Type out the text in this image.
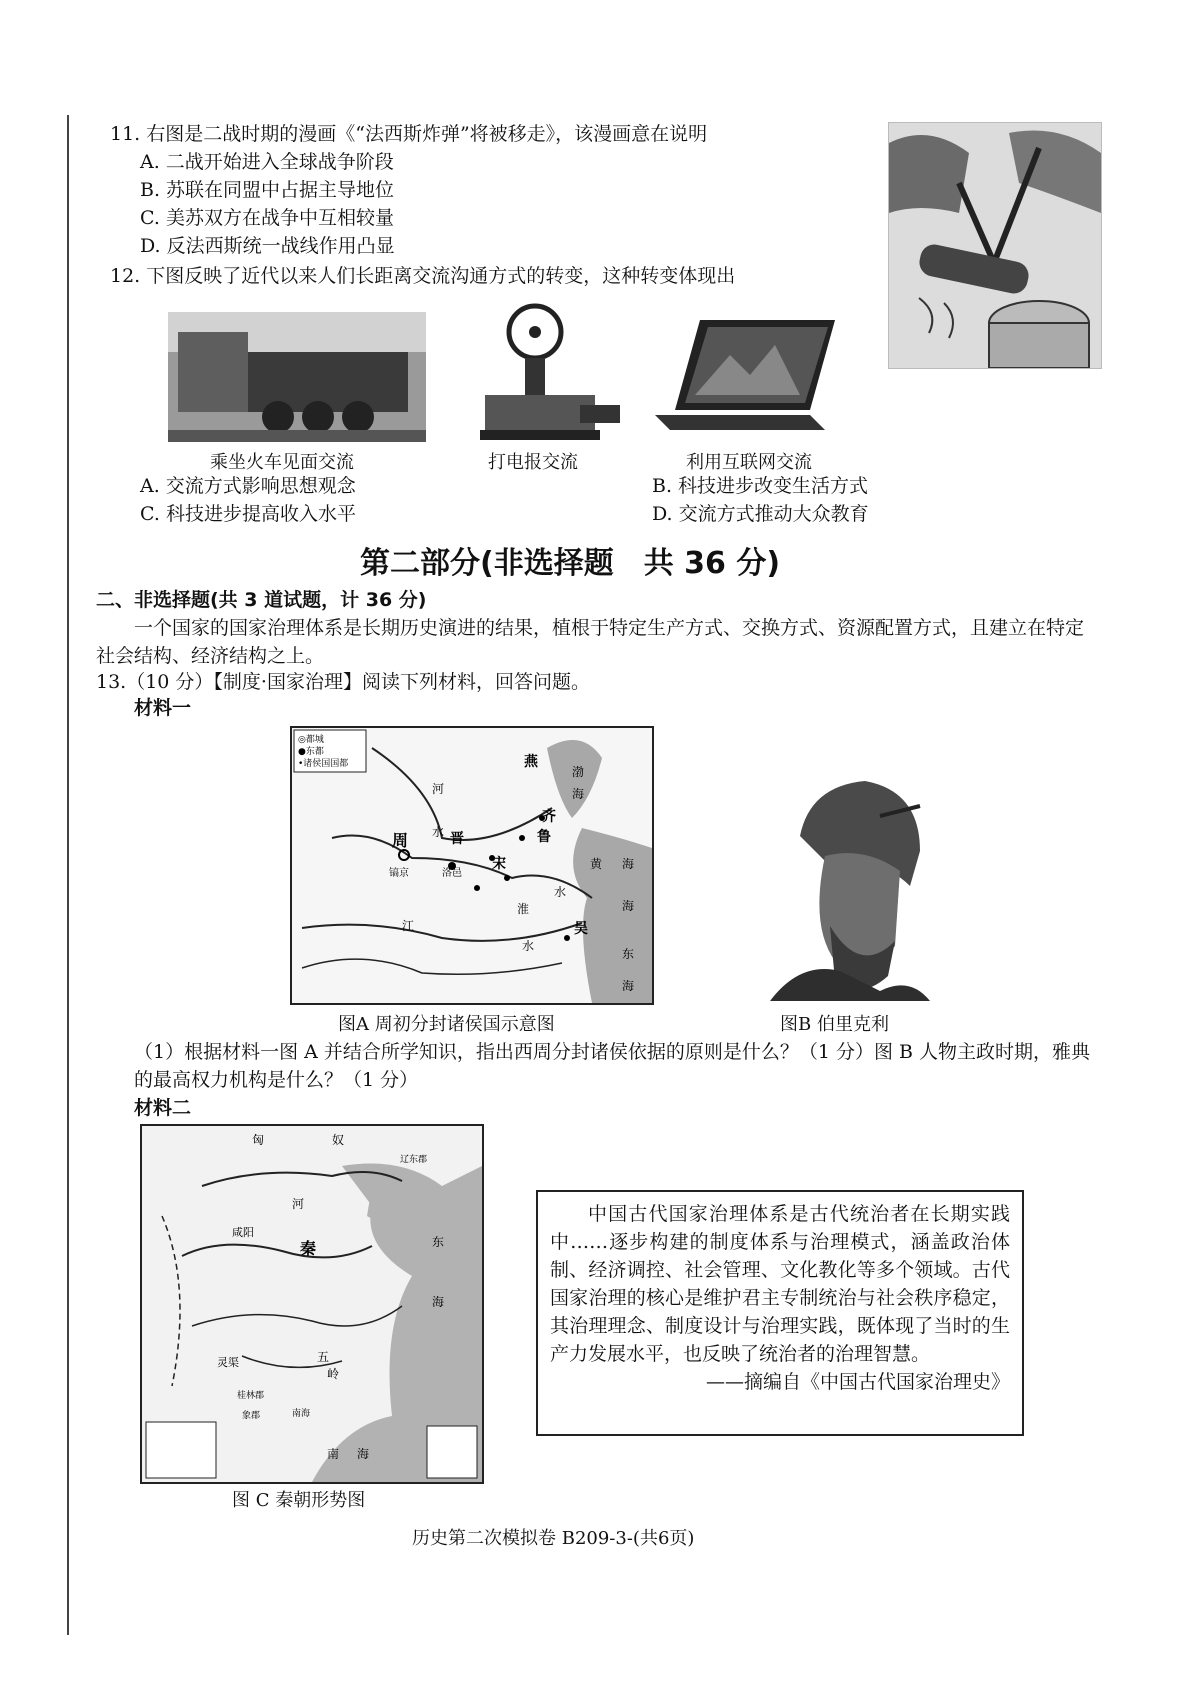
11. 右图是二战时期的漫画《“法西斯炸弹”将被移走》，该漫画意在说明
A. 二战开始进入全球战争阶段
B. 苏联在同盟中占据主导地位
C. 美苏双方在战争中互相较量
D. 反法西斯统一战线作用凸显
12. 下图反映了近代以来人们长距离交流沟通方式的转变，这种转变体现出
乘坐火车见面交流	打电报交流	利用互联网交流
A. 交流方式影响思想观念	B. 科技进步改变生活方式
C. 科技进步提高收入水平	D. 交流方式推动大众教育
第二部分(非选择题　共 36 分)
二、非选择题(共 3 道试题，计 36 分)
一个国家的国家治理体系是长期历史演进的结果，植根于特定生产方式、交换方式、资源配置方式，且建立在特定社会结构、经济结构之上。
13.（10 分）【制度·国家治理】阅读下列材料，回答问题。
材料一
◎都城
●东都
•诸侯国国都	燕
渤
海
河
水 晋
齐
鲁
周
洛邑
宋
镐京
黄 海
海
水
淮
江
水
吴
东
海
图A 周初分封诸侯国示意图	图B 伯里克利
（1）根据材料一图 A 并结合所学知识，指出西周分封诸侯依据的原则是什么？（1 分）图 B 人物主政时期，雅典的最高权力机构是什么？（1 分）
材料二
匈	奴
辽东郡
河
咸阳
秦	东
海
灵渠	五
岭
桂林郡
象郡	南海
南 海
中国古代国家治理体系是古代统治者在长期实践中……逐步构建的制度体系与治理模式，涵盖政治体制、经济调控、社会管理、文化教化等多个领域。古代国家治理的核心是维护君主专制统治与社会秩序稳定，其治理理念、制度设计与治理实践，既体现了当时的生产力发展水平，也反映了统治者的治理智慧。
——摘编自《中国古代国家治理史》
图 C 秦朝形势图
历史第二次模拟卷 B209-3-(共6页)
